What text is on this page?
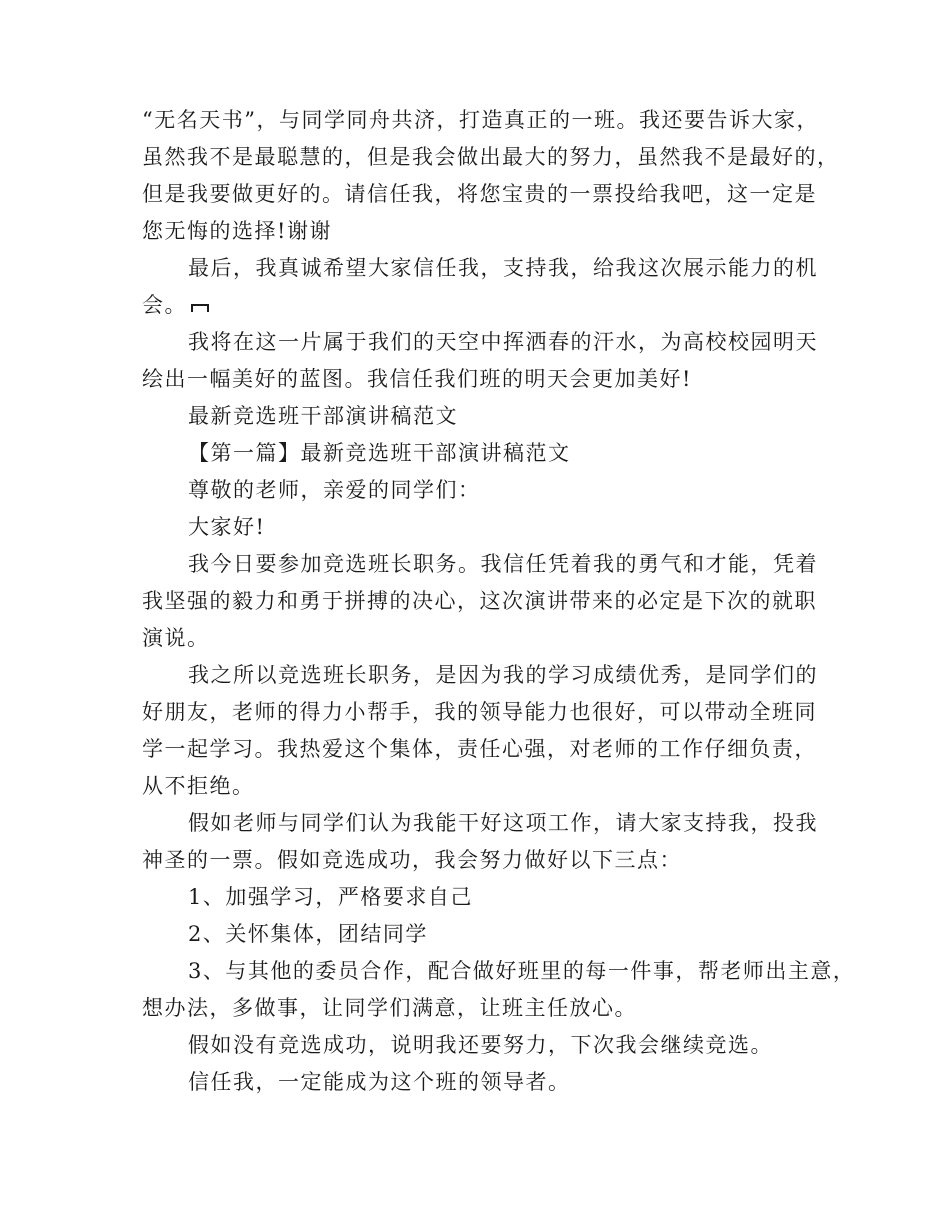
“无名天书”，与同学同舟共济，打造真正的一班。我还要告诉大家，
虽然我不是最聪慧的，但是我会做出最大的努力，虽然我不是最好的，
但是我要做更好的。请信任我，将您宝贵的一票投给我吧，这一定是
您无悔的选择!谢谢

最后，我真诚希望大家信任我，支持我，给我这次展示能力的机
会。

我将在这一片属于我们的天空中挥洒春的汗水，为高校校园明天
绘出一幅美好的蓝图。我信任我们班的明天会更加美好!

最新竞选班干部演讲稿范文

【第一篇】最新竞选班干部演讲稿范文

尊敬的老师，亲爱的同学们：

大家好!

我今日要参加竞选班长职务。我信任凭着我的勇气和才能，凭着
我坚强的毅力和勇于拼搏的决心，这次演讲带来的必定是下次的就职
演说。

我之所以竞选班长职务，是因为我的学习成绩优秀，是同学们的
好朋友，老师的得力小帮手，我的领导能力也很好，可以带动全班同
学一起学习。我热爱这个集体，责任心强，对老师的工作仔细负责，
从不拒绝。

假如老师与同学们认为我能干好这项工作，请大家支持我，投我
神圣的一票。假如竞选成功，我会努力做好以下三点：

1、加强学习，严格要求自己

2、关怀集体，团结同学

3、与其他的委员合作，配合做好班里的每一件事，帮老师出主意，
想办法，多做事，让同学们满意，让班主任放心。

假如没有竞选成功，说明我还要努力，下次我会继续竞选。

信任我，一定能成为这个班的领导者。
